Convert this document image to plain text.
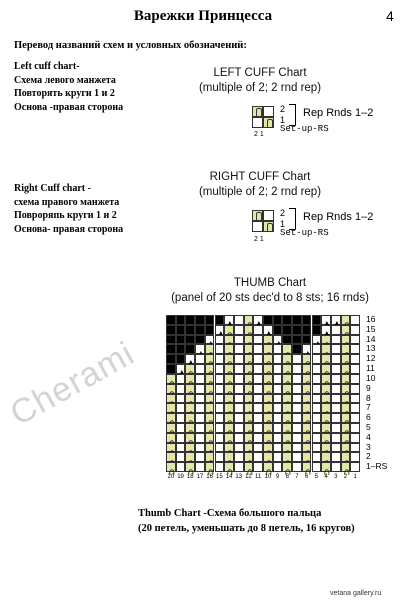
Варежки Принцесса	4
Перевод названий схем и условных обозначений:
Left cuff chart-
Схема левого манжета
Повторять круги 1 и 2
Основа -правая сторона
Right Cuff chart -
схема правого манжета
Повроряпь круги 1 и 2
Основа- правая сторона
LEFT CUFF Chart
(multiple of 2; 2 rnd rep)
2
1
Rep Rnds 1–2
Set-up-RS
2 1
RIGHT CUFF Chart
(multiple of 2; 2 rnd rep)
2
1
Rep Rnds 1–2
Set-up-RS
2 1
THUMB Chart
(panel of 20 sts dec'd to 8 sts; 16 rnds)
16
15
14
13
12
11
10
9
8
7
6
5
4
3
2
1–RS
20 19 18 17 16 15 14 13 12 11 10 9	8	7	6	5	4	3	2	1
Cherami
Thumb Chart -Схема большого пальца
(20 петель, уменьшать до 8 петель, 16 кругов)
vetana gallery.ru
